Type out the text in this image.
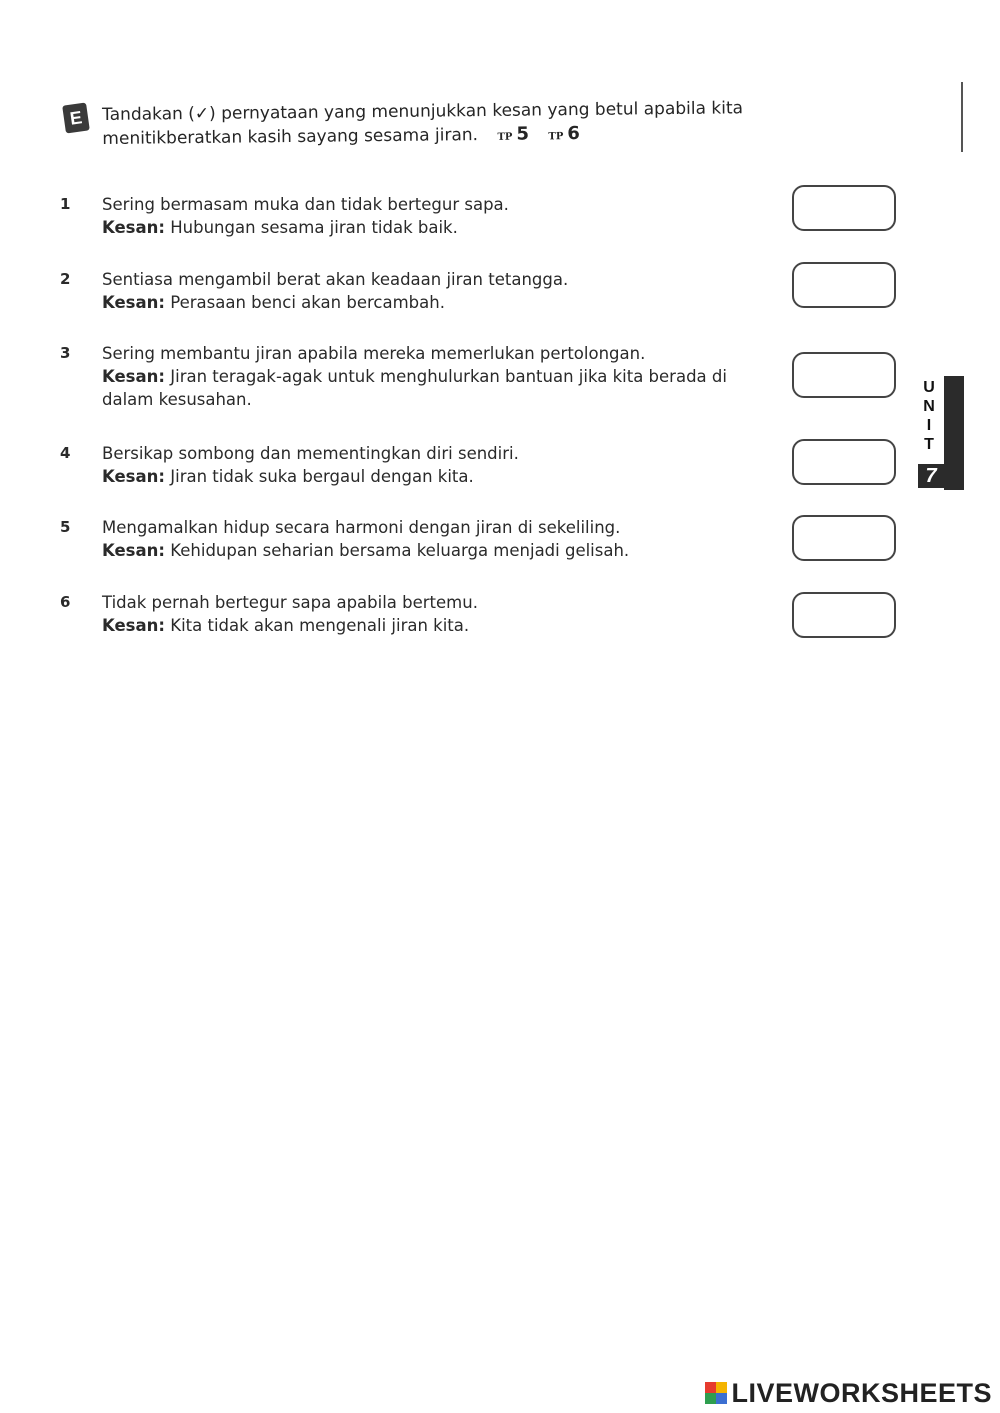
E	Tandakan (✓) pernyataan yang menunjukkan kesan yang betul apabila kita menitikberatkan kasih sayang sesama jiran. TP 5 TP 6
1	Sering bermasam muka dan tidak bertegur sapa.
Kesan: Hubungan sesama jiran tidak baik.
2	Sentiasa mengambil berat akan keadaan jiran tetangga.
Kesan: Perasaan benci akan bercambah.
3	Sering membantu jiran apabila mereka memerlukan pertolongan.
Kesan: Jiran teragak-agak untuk menghulurkan bantuan jika kita berada di dalam kesusahan.
4	Bersikap sombong dan mementingkan diri sendiri.
Kesan: Jiran tidak suka bergaul dengan kita.
5	Mengamalkan hidup secara harmoni dengan jiran di sekeliling.
Kesan: Kehidupan seharian bersama keluarga menjadi gelisah.
6	Tidak pernah bertegur sapa apabila bertemu.
Kesan: Kita tidak akan mengenali jiran kita.
U
N
I
T
7
LIVEWORKSHEETS
